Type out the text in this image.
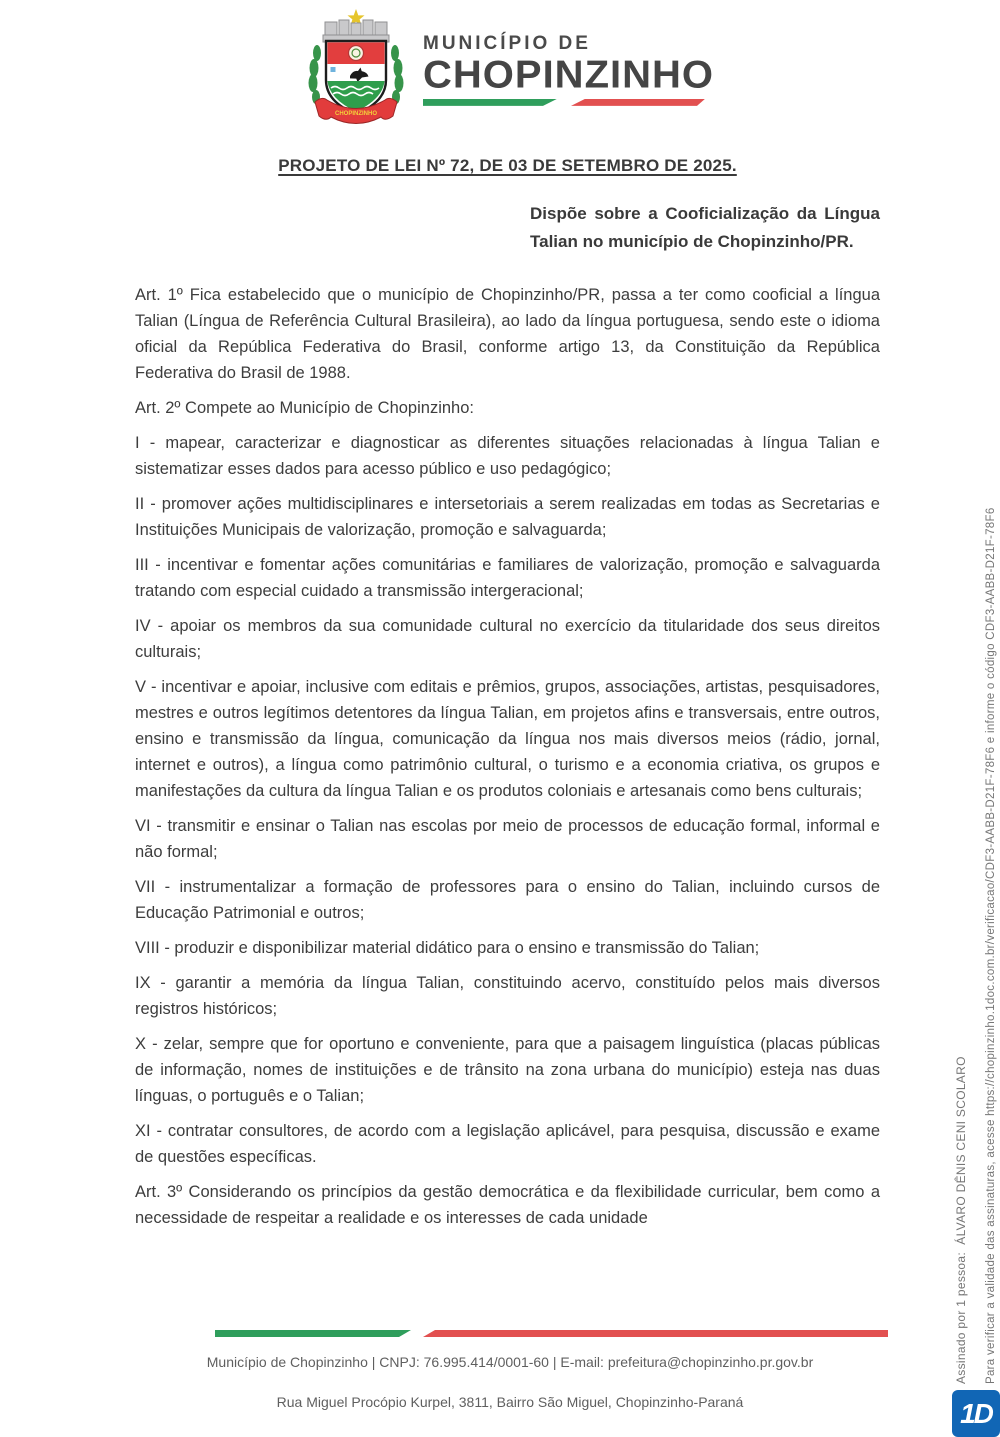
CHOPINZINHO
MUNICÍPIO DE
CHOPINZINHO
PROJETO DE LEI Nº 72, DE 03 DE SETEMBRO DE 2025.
Dispõe sobre a Cooficialização da Língua Talian no município de Chopinzinho/PR.

Art. 1º Fica estabelecido que o município de Chopinzinho/PR, passa a ter como cooficial a língua Talian (Língua de Referência Cultural Brasileira), ao lado da língua portuguesa, sendo este o idioma oficial da República Federativa do Brasil, conforme artigo 13, da Constituição da República Federativa do Brasil de 1988.

Art. 2º Compete ao Município de Chopinzinho:

I - mapear, caracterizar e diagnosticar as diferentes situações relacionadas à língua Talian e sistematizar esses dados para acesso público e uso pedagógico;

II - promover ações multidisciplinares e intersetoriais a serem realizadas em todas as Secretarias e Instituições Municipais de valorização, promoção e salvaguarda;

III - incentivar e fomentar ações comunitárias e familiares de valorização, promoção e salvaguarda tratando com especial cuidado a transmissão intergeracional;

IV - apoiar os membros da sua comunidade cultural no exercício da titularidade dos seus direitos culturais;

V - incentivar e apoiar, inclusive com editais e prêmios, grupos, associações, artistas, pesquisadores, mestres e outros legítimos detentores da língua Talian, em projetos afins e transversais, entre outros, ensino e transmissão da língua, comunicação da língua nos mais diversos meios (rádio, jornal, internet e outros), a língua como patrimônio cultural, o turismo e a economia criativa, os grupos e manifestações da cultura da língua Talian e os produtos coloniais e artesanais como bens culturais;

VI - transmitir e ensinar o Talian nas escolas por meio de processos de educação formal, informal e não formal;

VII - instrumentalizar a formação de professores para o ensino do Talian, incluindo cursos de Educação Patrimonial e outros;

VIII - produzir e disponibilizar material didático para o ensino e transmissão do Talian;

IX - garantir a memória da língua Talian, constituindo acervo, constituído pelos mais diversos registros históricos;

X - zelar, sempre que for oportuno e conveniente, para que a paisagem linguística (placas públicas de informação, nomes de instituições e de trânsito na zona urbana do município) esteja nas duas línguas, o português e o Talian;

XI - contratar consultores, de acordo com a legislação aplicável, para pesquisa, discussão e exame de questões específicas.

Art. 3º Considerando os princípios da gestão democrática e da flexibilidade curricular, bem como a necessidade de respeitar a realidade e os interesses de cada unidade

Município de Chopinzinho | CNPJ: 76.995.414/0001-60 | E-mail: prefeitura@chopinzinho.pr.gov.br
Rua Miguel Procópio Kurpel, 3811, Bairro São Miguel, Chopinzinho-Paraná
Assinado por 1 pessoa:  ÁLVARO DÊNIS CENI SCOLARO Para verificar a validade das assinaturas, acesse https://chopinzinho.1doc.com.br/verificacao/CDF3-AABB-D21F-78F6 e informe o código CDF3-AABB-D21F-78F6
1D
